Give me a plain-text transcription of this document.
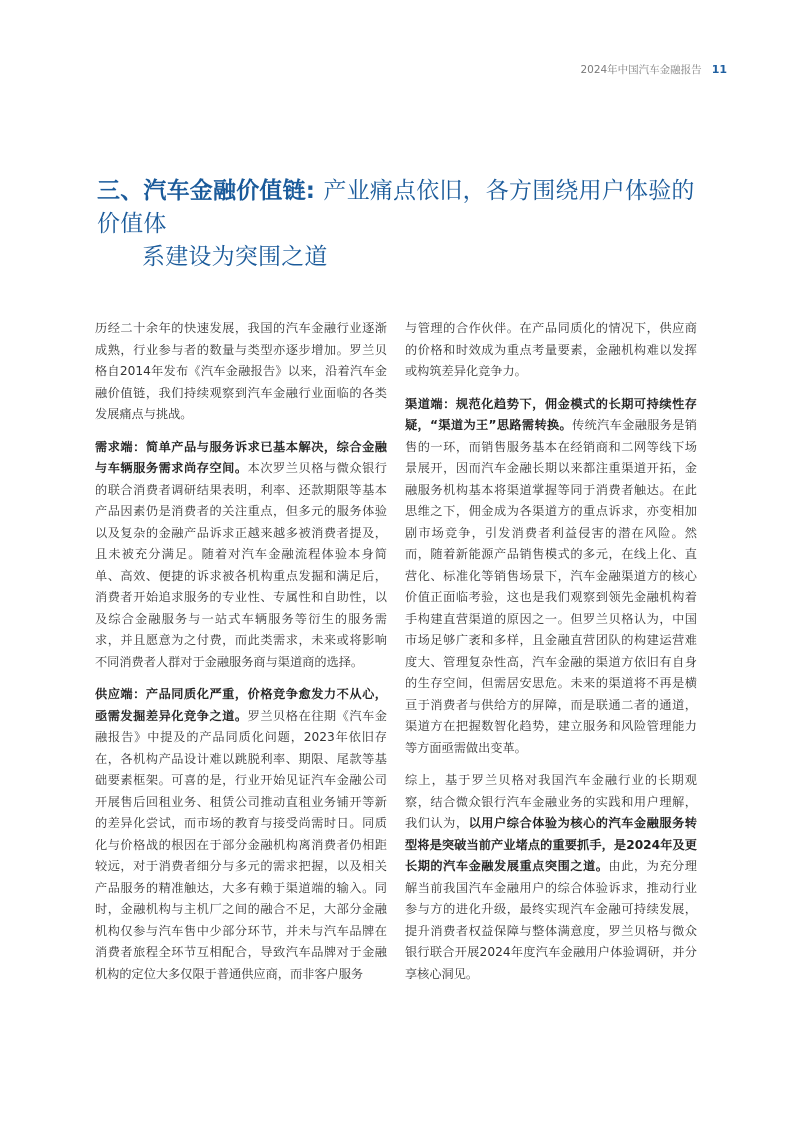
2024年中国汽车金融报告 11
三、汽车金融价值链: 产业痛点依旧，各方围绕用户体验的价值体
系建设为突围之道

历经二十余年的快速发展，我国的汽车金融行业逐渐成熟，行业参与者的数量与类型亦逐步增加。罗兰贝格自2014年发布《汽车金融报告》以来，沿着汽车金融价值链，我们持续观察到汽车金融行业面临的各类发展痛点与挑战。

需求端：简单产品与服务诉求已基本解决，综合金融与车辆服务需求尚存空间。本次罗兰贝格与微众银行的联合消费者调研结果表明，利率、还款期限等基本产品因素仍是消费者的关注重点，但多元的服务体验以及复杂的金融产品诉求正越来越多被消费者提及，且未被充分满足。随着对汽车金融流程体验本身简单、高效、便捷的诉求被各机构重点发掘和满足后，消费者开始追求服务的专业性、专属性和自助性，以及综合金融服务与一站式车辆服务等衍生的服务需求，并且愿意为之付费，而此类需求，未来或将影响不同消费者人群对于金融服务商与渠道商的选择。

供应端：产品同质化严重，价格竞争愈发力不从心，亟需发掘差异化竞争之道。罗兰贝格在往期《汽车金融报告》中提及的产品同质化问题，2023年依旧存在，各机构产品设计难以跳脱利率、期限、尾款等基础要素框架。可喜的是，行业开始见证汽车金融公司开展售后回租业务、租赁公司推动直租业务铺开等新的差异化尝试，而市场的教育与接受尚需时日。同质化与价格战的根因在于部分金融机构离消费者仍相距较远，对于消费者细分与多元的需求把握，以及相关产品服务的精准触达，大多有赖于渠道端的输入。同时，金融机构与主机厂之间的融合不足，大部分金融机构仅参与汽车售中少部分环节，并未与汽车品牌在消费者旅程全环节互相配合，导致汽车品牌对于金融机构的定位大多仅限于普通供应商，而非客户服务

与管理的合作伙伴。在产品同质化的情况下，供应商的价格和时效成为重点考量要素，金融机构难以发挥或构筑差异化竞争力。

渠道端：规范化趋势下，佣金模式的长期可持续性存疑，“渠道为王”思路需转换。传统汽车金融服务是销售的一环，而销售服务基本在经销商和二网等线下场景展开，因而汽车金融长期以来都注重渠道开拓，金融服务机构基本将渠道掌握等同于消费者触达。在此思维之下，佣金成为各渠道方的重点诉求，亦变相加剧市场竞争，引发消费者利益侵害的潜在风险。然而，随着新能源产品销售模式的多元，在线上化、直营化、标准化等销售场景下，汽车金融渠道方的核心价值正面临考验，这也是我们观察到领先金融机构着手构建直营渠道的原因之一。但罗兰贝格认为，中国市场足够广袤和多样，且金融直营团队的构建运营难度大、管理复杂性高，汽车金融的渠道方依旧有自身的生存空间，但需居安思危。未来的渠道将不再是横亘于消费者与供给方的屏障，而是联通二者的通道，渠道方在把握数智化趋势，建立服务和风险管理能力等方面亟需做出变革。

综上，基于罗兰贝格对我国汽车金融行业的长期观察，结合微众银行汽车金融业务的实践和用户理解，我们认为，以用户综合体验为核心的汽车金融服务转型将是突破当前产业堵点的重要抓手，是2024年及更长期的汽车金融发展重点突围之道。由此，为充分理解当前我国汽车金融用户的综合体验诉求，推动行业参与方的进化升级，最终实现汽车金融可持续发展，提升消费者权益保障与整体满意度，罗兰贝格与微众银行联合开展2024年度汽车金融用户体验调研，并分享核心洞见。
